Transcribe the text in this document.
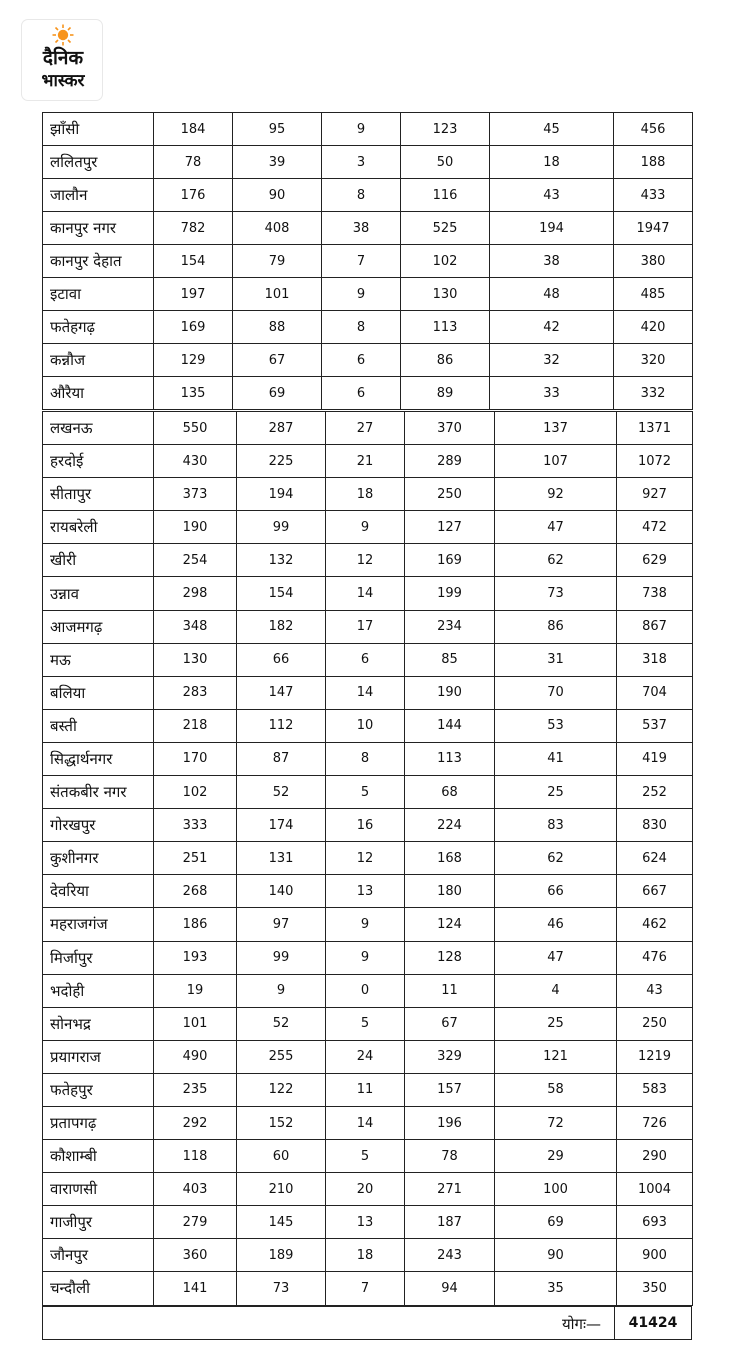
दैनिक
भास्कर
झाँसी	184	95	9	123	45	456
ललितपुर	78	39	3	50	18	188
जालौन	176	90	8	116	43	433
कानपुर नगर	782	408	38	525	194	1947
कानपुर देहात	154	79	7	102	38	380
इटावा	197	101	9	130	48	485
फतेहगढ़	169	88	8	113	42	420
कन्नौज	129	67	6	86	32	320
औरैया	135	69	6	89	33	332
लखनऊ	550	287	27	370	137	1371
हरदोई	430	225	21	289	107	1072
सीतापुर	373	194	18	250	92	927
रायबरेली	190	99	9	127	47	472
खीरी	254	132	12	169	62	629
उन्नाव	298	154	14	199	73	738
आजमगढ़	348	182	17	234	86	867
मऊ	130	66	6	85	31	318
बलिया	283	147	14	190	70	704
बस्ती	218	112	10	144	53	537
सिद्धार्थनगर	170	87	8	113	41	419
संतकबीर नगर	102	52	5	68	25	252
गोरखपुर	333	174	16	224	83	830
कुशीनगर	251	131	12	168	62	624
देवरिया	268	140	13	180	66	667
महराजगंज	186	97	9	124	46	462
मिर्जापुर	193	99	9	128	47	476
भदोही	19	9	0	11	4	43
सोनभद्र	101	52	5	67	25	250
प्रयागराज	490	255	24	329	121	1219
फतेहपुर	235	122	11	157	58	583
प्रतापगढ़	292	152	14	196	72	726
कौशाम्बी	118	60	5	78	29	290
वाराणसी	403	210	20	271	100	1004
गाजीपुर	279	145	13	187	69	693
जौनपुर	360	189	18	243	90	900
चन्दौली	141	73	7	94	35	350
योगः—	41424
